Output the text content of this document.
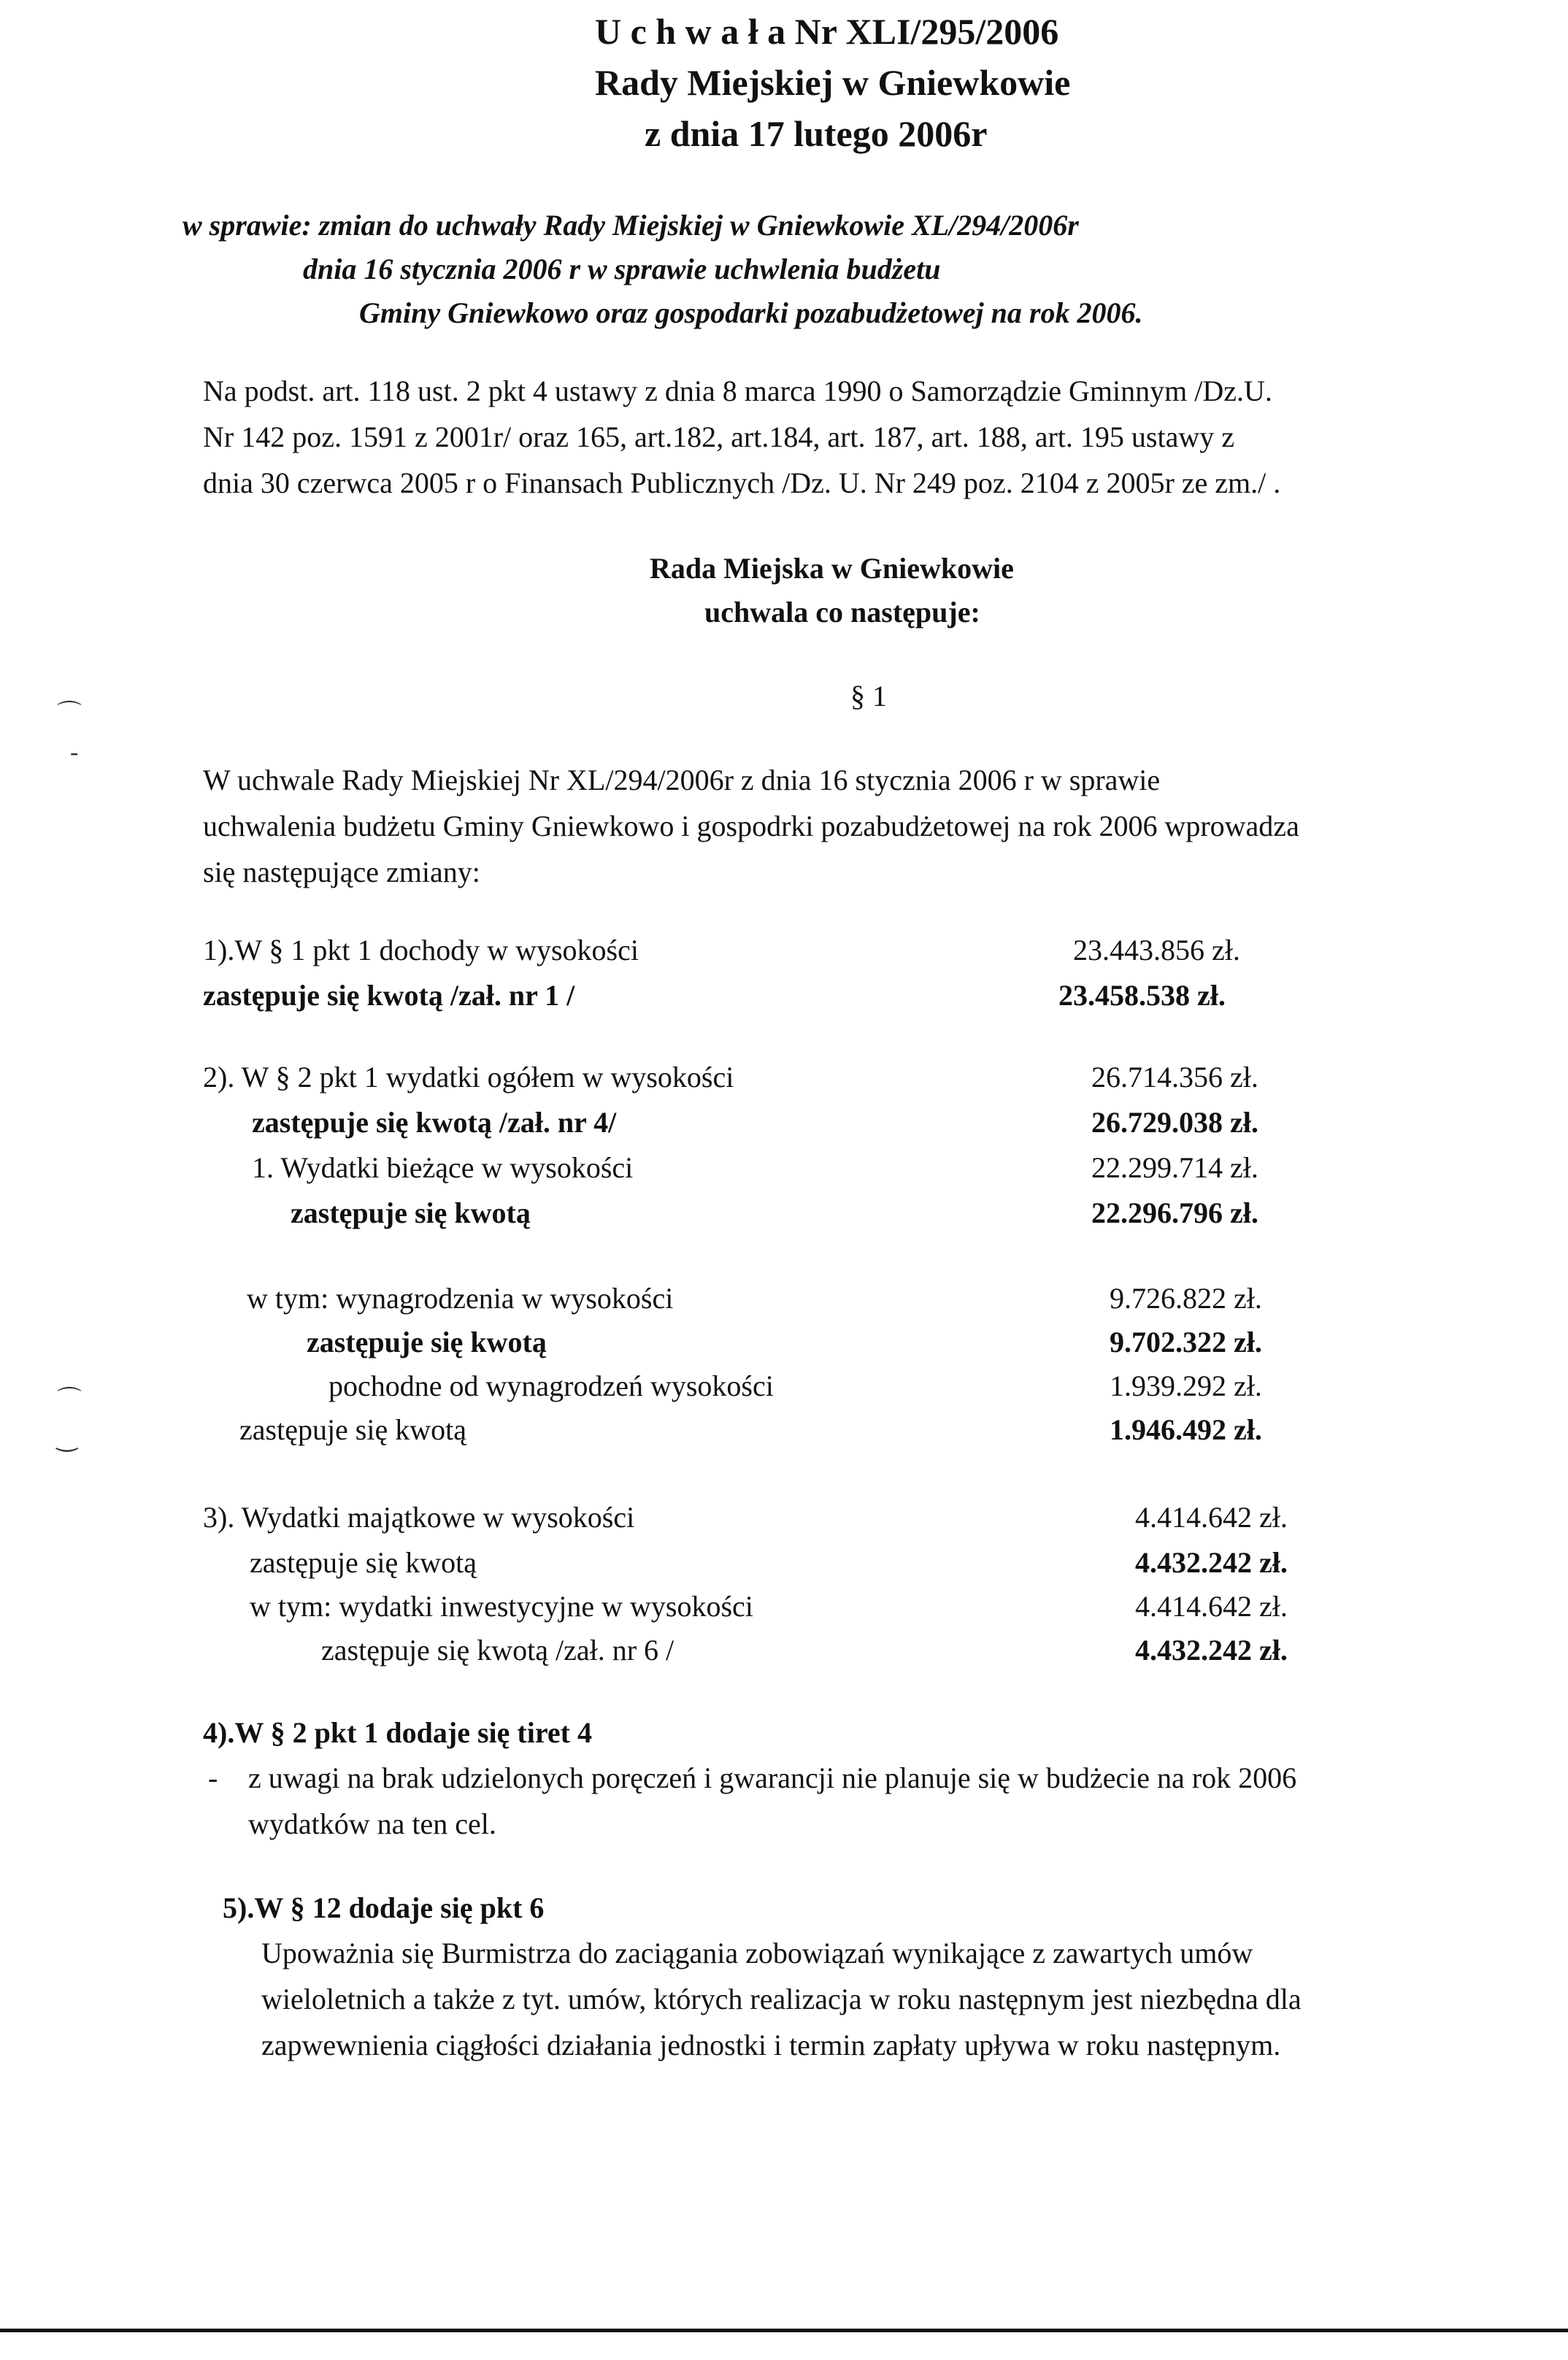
U c h w a ł a Nr XLI/295/2006
Rady Miejskiej w Gniewkowie
z dnia 17 lutego 2006r
w sprawie: zmian do uchwały Rady Miejskiej w Gniewkowie XL/294/2006r
dnia 16 stycznia 2006 r w sprawie uchwlenia budżetu
Gminy Gniewkowo oraz gospodarki pozabudżetowej na rok 2006.
Na podst. art. 118 ust. 2 pkt 4 ustawy z dnia 8 marca 1990 o Samorządzie Gminnym /Dz.U.
Nr 142 poz. 1591 z 2001r/ oraz 165, art.182, art.184, art. 187, art. 188, art. 195 ustawy z
dnia 30 czerwca 2005 r o Finansach Publicznych /Dz. U. Nr 249 poz. 2104 z 2005r ze zm./ .
Rada Miejska w Gniewkowie
uchwala co następuje:
§ 1
⌒
-
⌒
‿
W uchwale Rady Miejskiej Nr XL/294/2006r z dnia 16 stycznia 2006 r w sprawie
uchwalenia budżetu Gminy Gniewkowo i gospodrki pozabudżetowej na rok 2006 wprowadza
się następujące zmiany:
1).W § 1 pkt 1 dochody w wysokości	23.443.856 zł.
zastępuje się kwotą /zał. nr 1 /	23.458.538 zł.
2). W § 2 pkt 1 wydatki ogółem w wysokości	26.714.356 zł.
zastępuje się kwotą /zał. nr 4/	26.729.038 zł.
1. Wydatki bieżące w wysokości	22.299.714 zł.
zastępuje się kwotą	22.296.796 zł.
w tym: wynagrodzenia w wysokości	9.726.822 zł.
zastępuje się kwotą	9.702.322 zł.
pochodne od wynagrodzeń wysokości	1.939.292 zł.
zastępuje się kwotą	1.946.492 zł.
3). Wydatki majątkowe w wysokości	4.414.642 zł.
zastępuje się kwotą	4.432.242 zł.
w tym: wydatki inwestycyjne w wysokości	4.414.642 zł.
zastępuje się kwotą /zał. nr 6 /	4.432.242 zł.
4).W § 2 pkt 1 dodaje się tiret 4
- z uwagi na brak udzielonych poręczeń i gwarancji nie planuje się w budżecie na rok 2006
wydatków na ten cel.
5).W § 12 dodaje się pkt 6
Upoważnia się Burmistrza do zaciągania zobowiązań wynikające z zawartych umów
wieloletnich a także z tyt. umów, których realizacja w roku następnym jest niezbędna dla
zapwewnienia ciągłości działania jednostki i termin zapłaty upływa w roku następnym.
